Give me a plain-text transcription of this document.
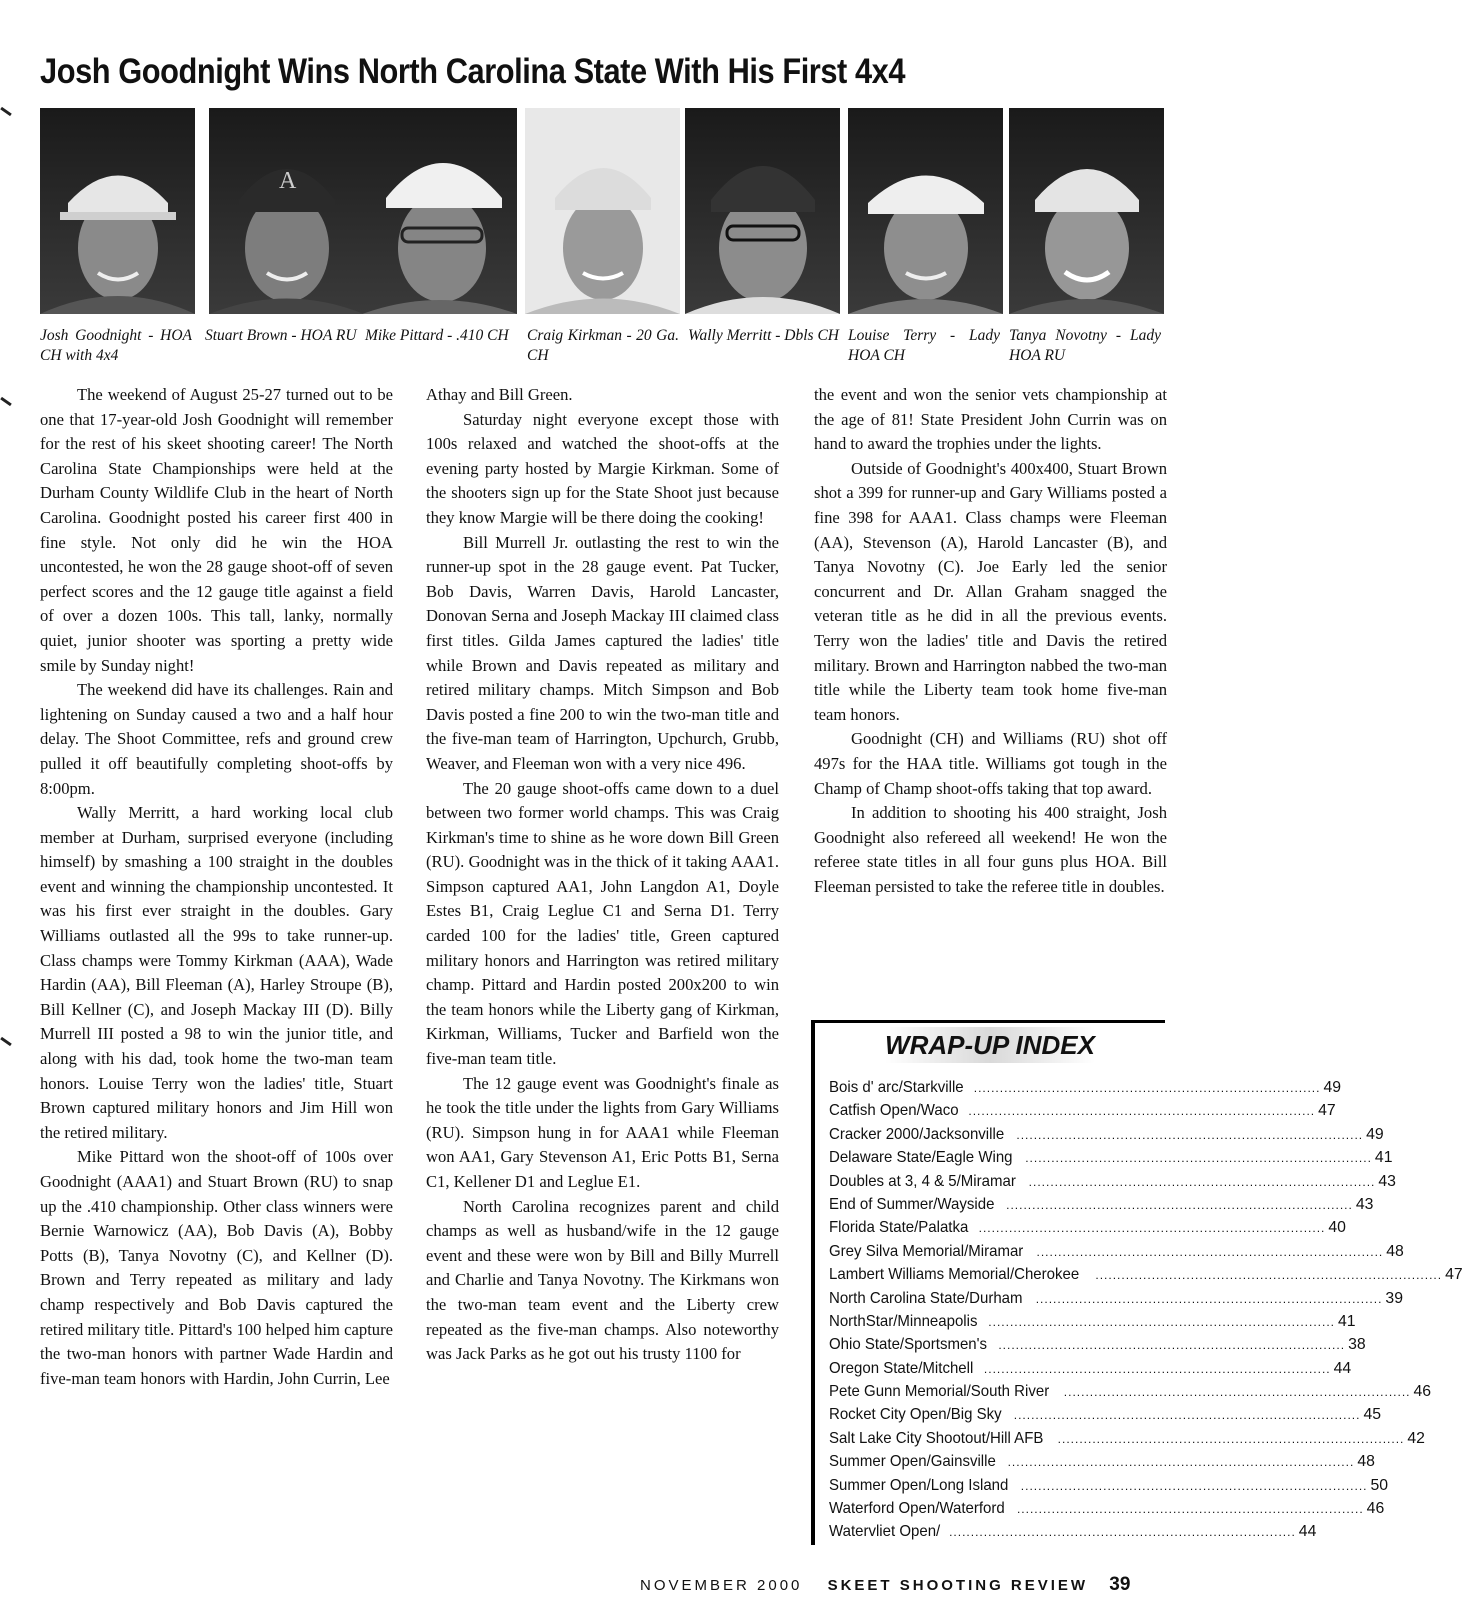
Josh Goodnight Wins North Carolina State With His First 4x4
A
Josh Goodnight - HOA CH with 4x4
Stuart Brown - HOA RU Mike Pittard - .410 CH	Craig Kirkman - 20 Ga. CH
Wally Merritt - Dbls CH Louise Terry - Lady HOA CH
Tanya Novotny - Lady HOA RU

The weekend of August 25-27 turned out to be one that 17-year-old Josh Goodnight will remember for the rest of his skeet shooting career! The North Carolina State Championships were held at the Durham County Wildlife Club in the heart of North Carolina. Goodnight posted his career first 400 in fine style. Not only did he win the HOA uncontested, he won the 28 gauge shoot-off of seven perfect scores and the 12 gauge title against a field of over a dozen 100s. This tall, lanky, normally quiet, junior shooter was sporting a pretty wide smile by Sunday night!

The weekend did have its challenges. Rain and lightening on Sunday caused a two and a half hour delay. The Shoot Committee, refs and ground crew pulled it off beautifully completing shoot-offs by 8:00pm.

Wally Merritt, a hard working local club member at Durham, surprised everyone (including himself) by smashing a 100 straight in the doubles event and winning the championship uncontested. It was his first ever straight in the doubles. Gary Williams outlasted all the 99s to take runner-up. Class champs were Tommy Kirkman (AAA), Wade Hardin (AA), Bill Fleeman (A), Harley Stroupe (B), Bill Kellner (C), and Joseph Mackay III (D). Billy Murrell III posted a 98 to win the junior title, and along with his dad, took home the two-man team honors. Louise Terry won the ladies' title, Stuart Brown captured military honors and Jim Hill won the retired military.

Mike Pittard won the shoot-off of 100s over Goodnight (AAA1) and Stuart Brown (RU) to snap up the .410 championship. Other class winners were Bernie Warnowicz (AA), Bob Davis (A), Bobby Potts (B), Tanya Novotny (C), and Kellner (D). Brown and Terry repeated as military and lady champ respectively and Bob Davis captured the retired military title. Pittard's 100 helped him capture the two-man honors with partner Wade Hardin and five-man team honors with Hardin, John Currin, Lee

Athay and Bill Green.

Saturday night everyone except those with 100s relaxed and watched the shoot-offs at the evening party hosted by Margie Kirkman. Some of the shooters sign up for the State Shoot just because they know Margie will be there doing the cooking!

Bill Murrell Jr. outlasting the rest to win the runner-up spot in the 28 gauge event. Pat Tucker, Bob Davis, Warren Davis, Harold Lancaster, Donovan Serna and Joseph Mackay III claimed class first titles. Gilda James captured the ladies' title while Brown and Davis repeated as military and retired military champs. Mitch Simpson and Bob Davis posted a fine 200 to win the two-man title and the five-man team of Harrington, Upchurch, Grubb, Weaver, and Fleeman won with a very nice 496.

The 20 gauge shoot-offs came down to a duel between two former world champs. This was Craig Kirkman's time to shine as he wore down Bill Green (RU). Goodnight was in the thick of it taking AAA1. Simpson captured AA1, John Langdon A1, Doyle Estes B1, Craig Leglue C1 and Serna D1. Terry carded 100 for the ladies' title, Green captured military honors and Harrington was retired military champ. Pittard and Hardin posted 200x200 to win the team honors while the Liberty gang of Kirkman, Kirkman, Williams, Tucker and Barfield won the five-man team title.

The 12 gauge event was Goodnight's finale as he took the title under the lights from Gary Williams (RU). Simpson hung in for AAA1 while Fleeman won AA1, Gary Stevenson A1, Eric Potts B1, Serna C1, Kellener D1 and Leglue E1.

North Carolina recognizes parent and child champs as well as husband/wife in the 12 gauge event and these were won by Bill and Billy Murrell and Charlie and Tanya Novotny. The Kirkmans won the two-man team event and the Liberty crew repeated as the five-man champs. Also noteworthy was Jack Parks as he got out his trusty 1100 for

the event and won the senior vets championship at the age of 81! State President John Currin was on hand to award the trophies under the lights.

Outside of Goodnight's 400x400, Stuart Brown shot a 399 for runner-up and Gary Williams posted a fine 398 for AAA1. Class champs were Fleeman (AA), Stevenson (A), Harold Lancaster (B), and Tanya Novotny (C). Joe Early led the senior concurrent and Dr. Allan Graham snagged the veteran title as he did in all the previous events. Terry won the ladies' title and Davis the retired military. Brown and Harrington nabbed the two-man title while the Liberty team took home five-man team honors.

Goodnight (CH) and Williams (RU) shot off 497s for the HAA title. Williams got tough in the Champ of Champ shoot-offs taking that top award.

In addition to shooting his 400 straight, Josh Goodnight also refereed all weekend! He won the referee state titles in all four guns plus HOA. Bill Fleeman persisted to take the referee title in doubles.

WRAP-UP INDEX
Bois d' arc/Starkville ................................................................................ 49
Catfish Open/Waco ................................................................................ 47
Cracker 2000/Jacksonville ................................................................................ 49
Delaware State/Eagle Wing ................................................................................ 41
Doubles at 3, 4 & 5/Miramar ................................................................................ 43
End of Summer/Wayside ................................................................................ 43
Florida State/Palatka ................................................................................ 40
Grey Silva Memorial/Miramar ................................................................................ 48
Lambert Williams Memorial/Cherokee ................................................................................ 47
North Carolina State/Durham ................................................................................ 39
NorthStar/Minneapolis ................................................................................ 41
Ohio State/Sportsmen's ................................................................................ 38
Oregon State/Mitchell ................................................................................ 44
Pete Gunn Memorial/South River ................................................................................ 46
Rocket City Open/Big Sky ................................................................................ 45
Salt Lake City Shootout/Hill AFB ................................................................................ 42
Summer Open/Gainsville ................................................................................ 48
Summer Open/Long Island ................................................................................ 50
Waterford Open/Waterford ................................................................................ 46
Watervliet Open/ ................................................................................ 44
NOVEMBER 2000 SKEET SHOOTING REVIEW 39
